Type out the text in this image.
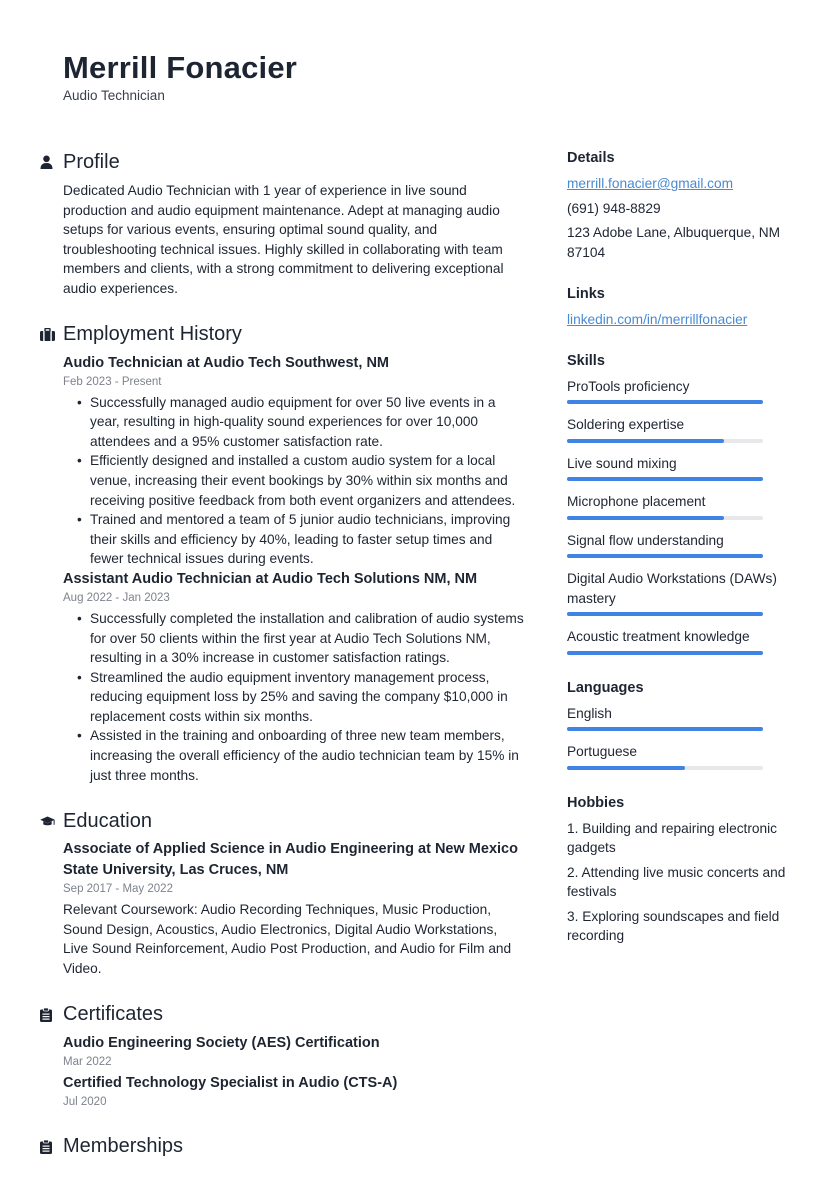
Merrill Fonacier
Audio Technician
Profile
Dedicated Audio Technician with 1 year of experience in live sound production and audio equipment maintenance. Adept at managing audio setups for various events, ensuring optimal sound quality, and troubleshooting technical issues. Highly skilled in collaborating with team members and clients, with a strong commitment to delivering exceptional audio experiences.
Employment History
Audio Technician at Audio Tech Southwest, NM
Feb 2023 - Present
• Successfully managed audio equipment for over 50 live events in a year, resulting in high-quality sound experiences for over 10,000 attendees and a 95% customer satisfaction rate.
• Efficiently designed and installed a custom audio system for a local venue, increasing their event bookings by 30% within six months and receiving positive feedback from both event organizers and attendees.
• Trained and mentored a team of 5 junior audio technicians, improving their skills and efficiency by 40%, leading to faster setup times and fewer technical issues during events.
Assistant Audio Technician at Audio Tech Solutions NM, NM
Aug 2022 - Jan 2023
• Successfully completed the installation and calibration of audio systems for over 50 clients within the first year at Audio Tech Solutions NM, resulting in a 30% increase in customer satisfaction ratings.
• Streamlined the audio equipment inventory management process, reducing equipment loss by 25% and saving the company $10,000 in replacement costs within six months.
• Assisted in the training and onboarding of three new team members, increasing the overall efficiency of the audio technician team by 15% in just three months.
Education
Associate of Applied Science in Audio Engineering at New Mexico State University, Las Cruces, NM
Sep 2017 - May 2022
Relevant Coursework: Audio Recording Techniques, Music Production, Sound Design, Acoustics, Audio Electronics, Digital Audio Workstations, Live Sound Reinforcement, Audio Post Production, and Audio for Film and Video.
Certificates
Audio Engineering Society (AES) Certification
Mar 2022
Certified Technology Specialist in Audio (CTS-A)
Jul 2020
Memberships
Details
merrill.fonacier@gmail.com
(691) 948-8829
123 Adobe Lane, Albuquerque, NM 87104
Links
linkedin.com/in/merrillfonacier
Skills
ProTools proficiency
Soldering expertise
Live sound mixing
Microphone placement
Signal flow understanding
Digital Audio Workstations (DAWs) mastery
Acoustic treatment knowledge
Languages
English
Portuguese
Hobbies
1. Building and repairing electronic gadgets
2. Attending live music concerts and festivals
3. Exploring soundscapes and field recording
